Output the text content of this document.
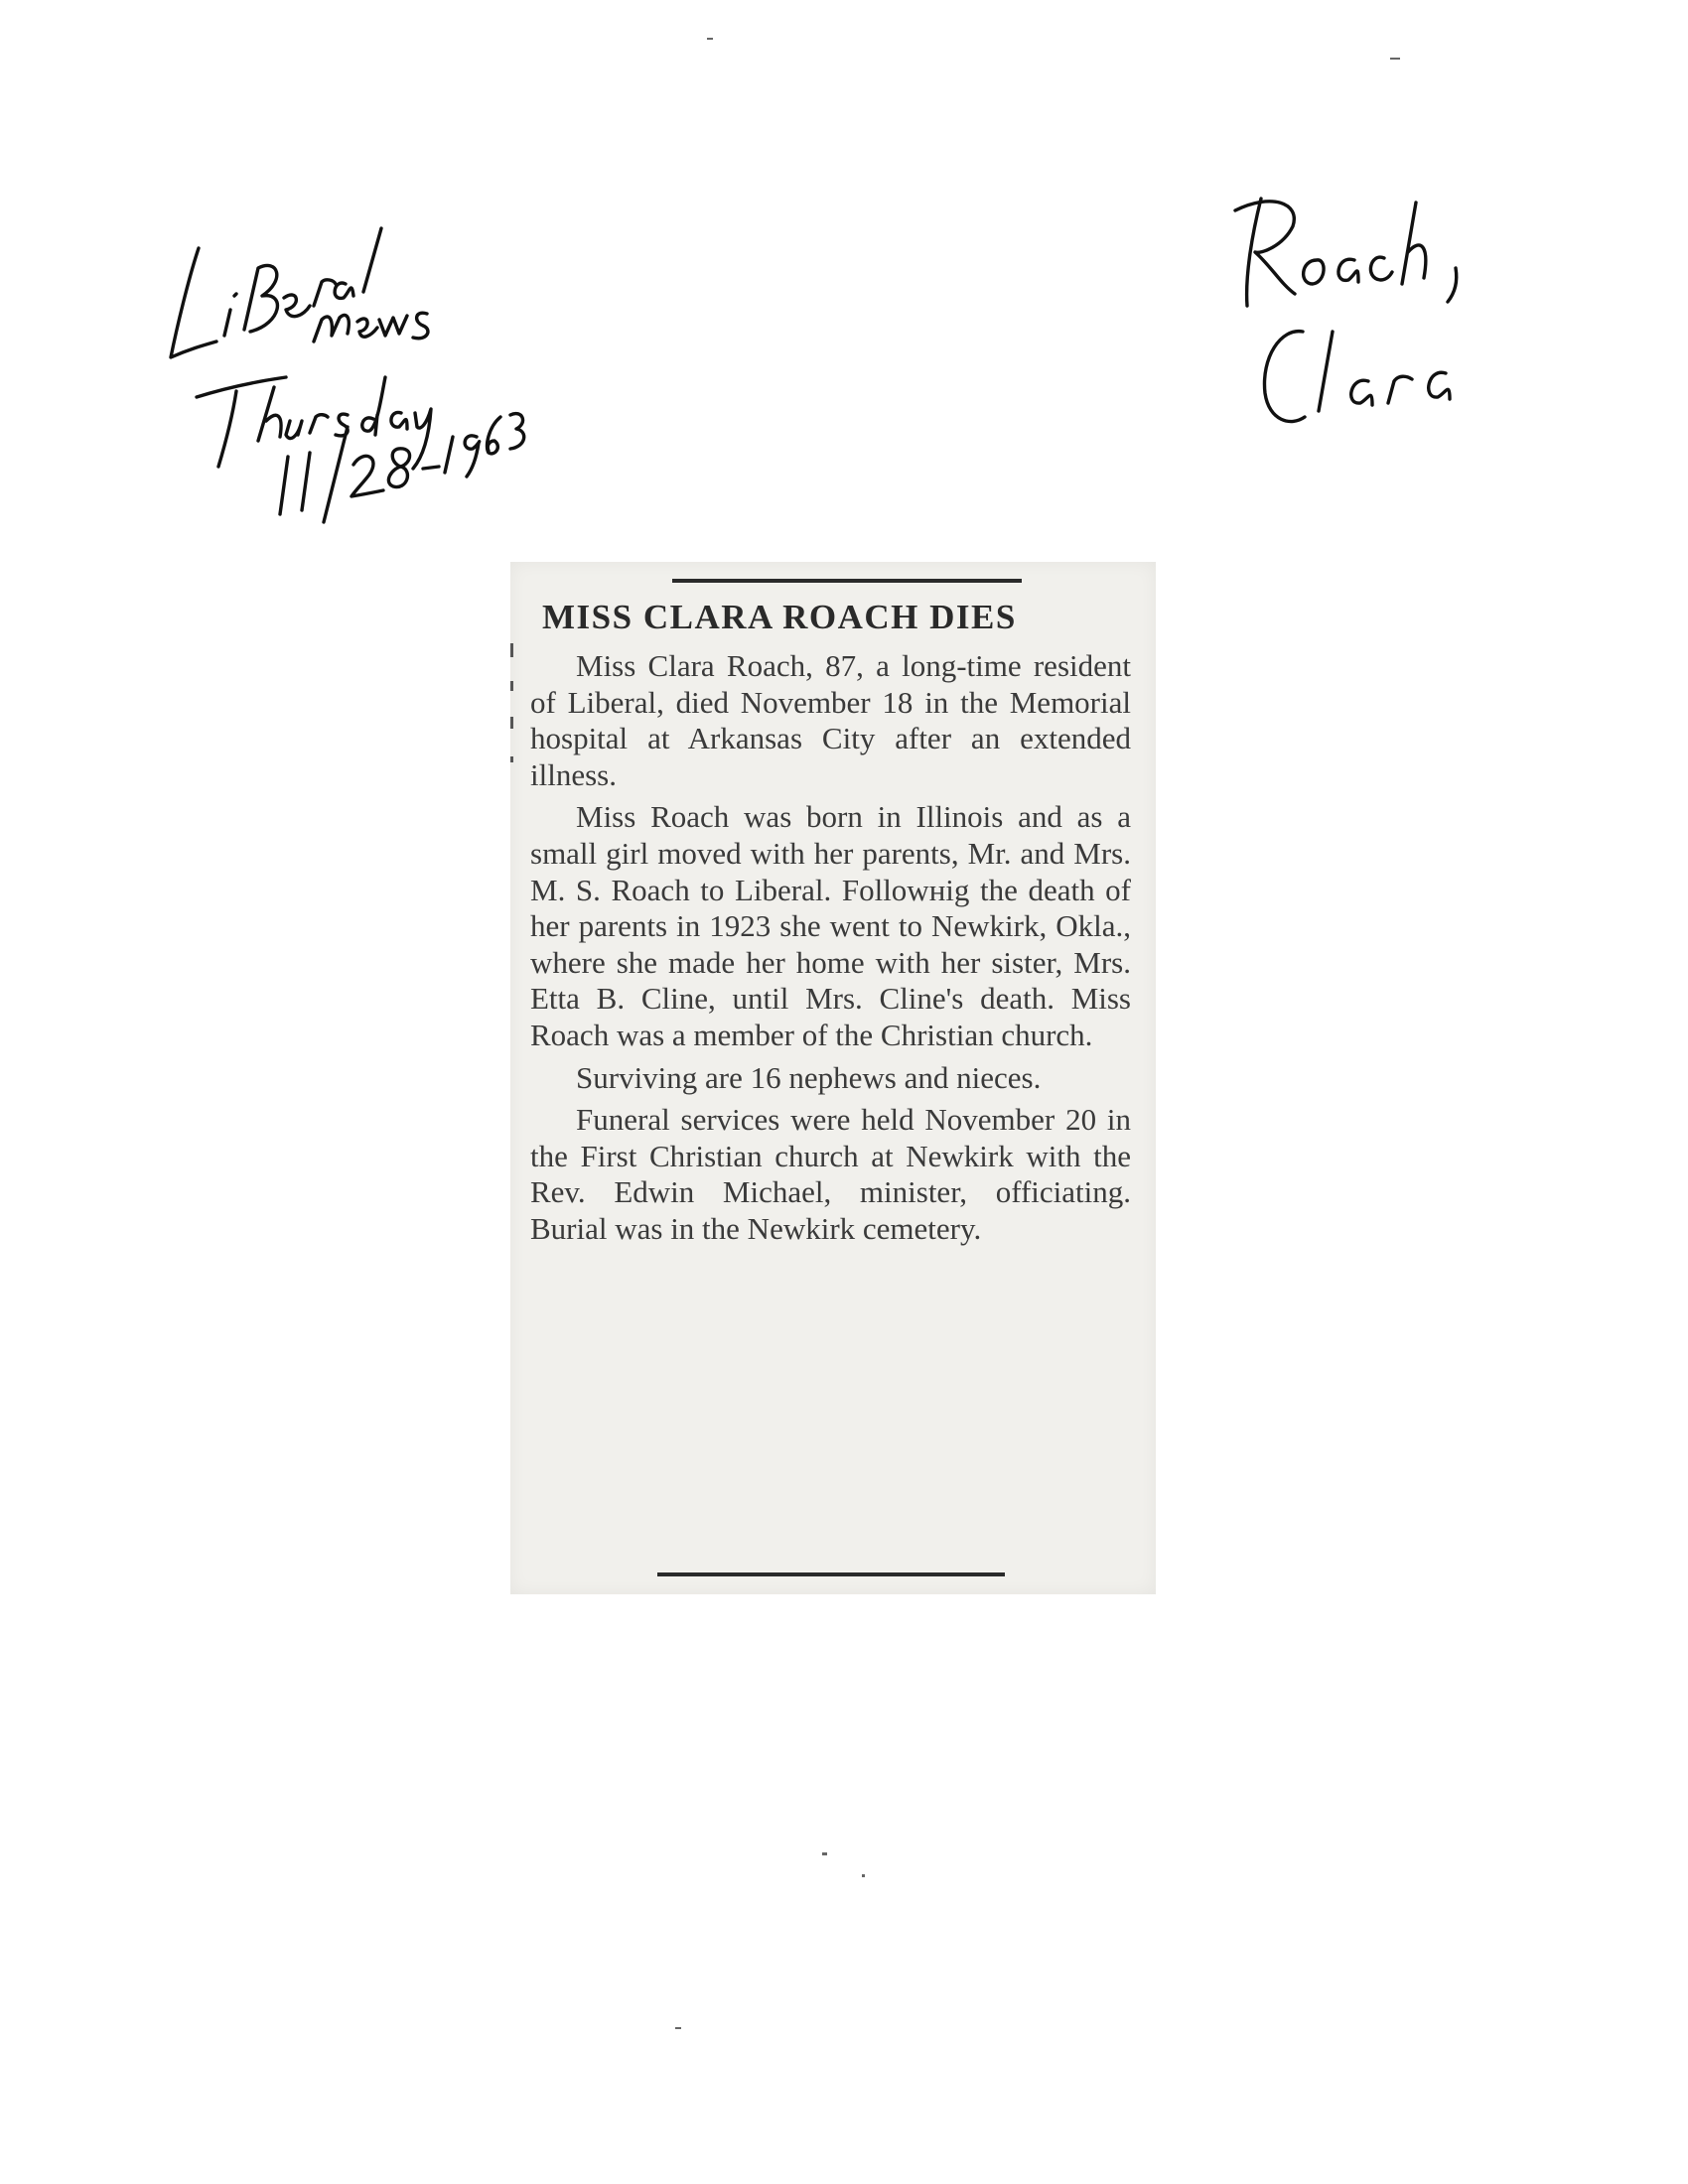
MISS CLARA ROACH DIES

Miss Clara Roach, 87, a long-time resident of Liberal, died November 18 in the Memorial hospital at Arkansas City after an extended illness.

Miss Roach was born in Illinois and as a small girl moved with her parents, Mr. and Mrs. M. S. Roach to Liberal. Followнig the death of her parents in 1923 she went to Newkirk, Okla., where she made her home with her sister, Mrs. Etta B. Cline, until Mrs. Cline's death. Miss Roach was a member of the Christian church.

Surviving are 16 nephews and nieces.

Funeral services were held November 20 in the First Christian church at Newkirk with the Rev. Edwin Michael, minister, officiating. Burial was in the Newkirk cemetery.
